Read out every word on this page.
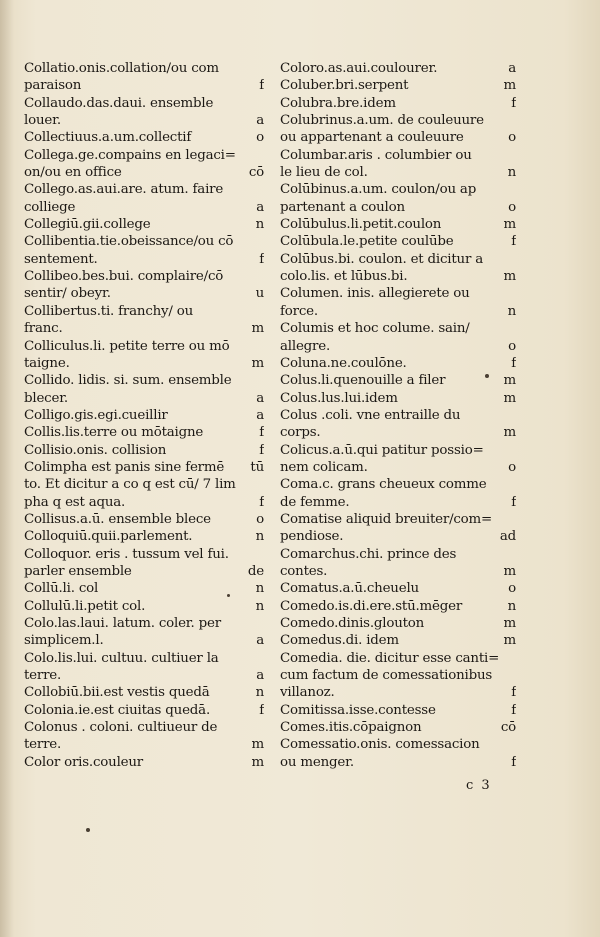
Collatio.onis.collation/ou com
paraison	f
Collaudo.das.daui. ensemble
louer.	a
Collectiuus.a.um.collectif	o
Collega.ge.compains en legaci=
on/ou en office	cō
Collego.as.aui.are. atum. faire
colliege	a
Collegiū.gii.college	n
Collibentia.tie.obeissance/ou cō
sentement.	f
Collibeo.bes.bui. complaire/cō
sentir/ obeyr.	u
Collibertus.ti. franchy/ ou
franc.	m
Colliculus.li. petite terre ou mō
taigne.	m
Collido. lidis. si. sum. ensemble
blecer.	a
Colligo.gis.egi.cueillir	a
Collis.lis.terre ou mōtaigne	f
Collisio.onis. collision	f
Colimpha est panis sine fermē	tū
to. Et dicitur a co q est cū/ 7 lim
pha q est aqua.	f
Collisus.a.ū. ensemble blece	o
Colloquiū.quii.parlement.	n
Colloquor. eris . tussum vel fui.
parler ensemble	de
Collū.li. col	n
Collulū.li.petit col.	n
Colo.las.laui. latum. coler. per
simplicem.l.	a
Colo.lis.lui. cultuu. cultiuer la
terre.	a
Collobiū.bii.est vestis quedā	n
Colonia.ie.est ciuitas quedā.	f
Colonus . coloni. cultiueur de
terre.	m
Color oris.couleur	m
Coloro.as.aui.coulourer.	a
Coluber.bri.serpent	m
Colubra.bre.idem	f
Colubrinus.a.um. de couleuure
ou appartenant a couleuure	o
Columbar.aris . columbier ou
le lieu de col.	n
Colūbinus.a.um. coulon/ou ap
partenant a coulon	o
Colūbulus.li.petit.coulon	m
Colūbula.le.petite coulūbe	f
Colūbus.bi. coulon. et dicitur a
colo.lis. et lūbus.bi.	m
Columen. inis. allegierete ou
force.	n
Columis et hoc colume. sain/
allegre.	o
Coluna.ne.coulōne.	f
Colus.li.quenouille a filer	m
Colus.lus.lui.idem	m
Colus .coli. vne entraille du
corps.	m
Colicus.a.ū.qui patitur possio=
nem colicam.	o
Coma.c. grans cheueux comme
de femme.	f
Comatise aliquid breuiter/com=
pendiose.	ad
Comarchus.chi. prince des
contes.	m
Comatus.a.ū.cheuelu	o
Comedo.is.di.ere.stū.mēger	n
Comedo.dinis.glouton	m
Comedus.di. idem	m
Comedia. die. dicitur esse canti=
cum factum de comessationibus
villanoz.	f
Comitissa.isse.contesse	f
Comes.itis.cōpaignon	cō
Comessatio.onis. comessacion
ou menger.	f
c 3
